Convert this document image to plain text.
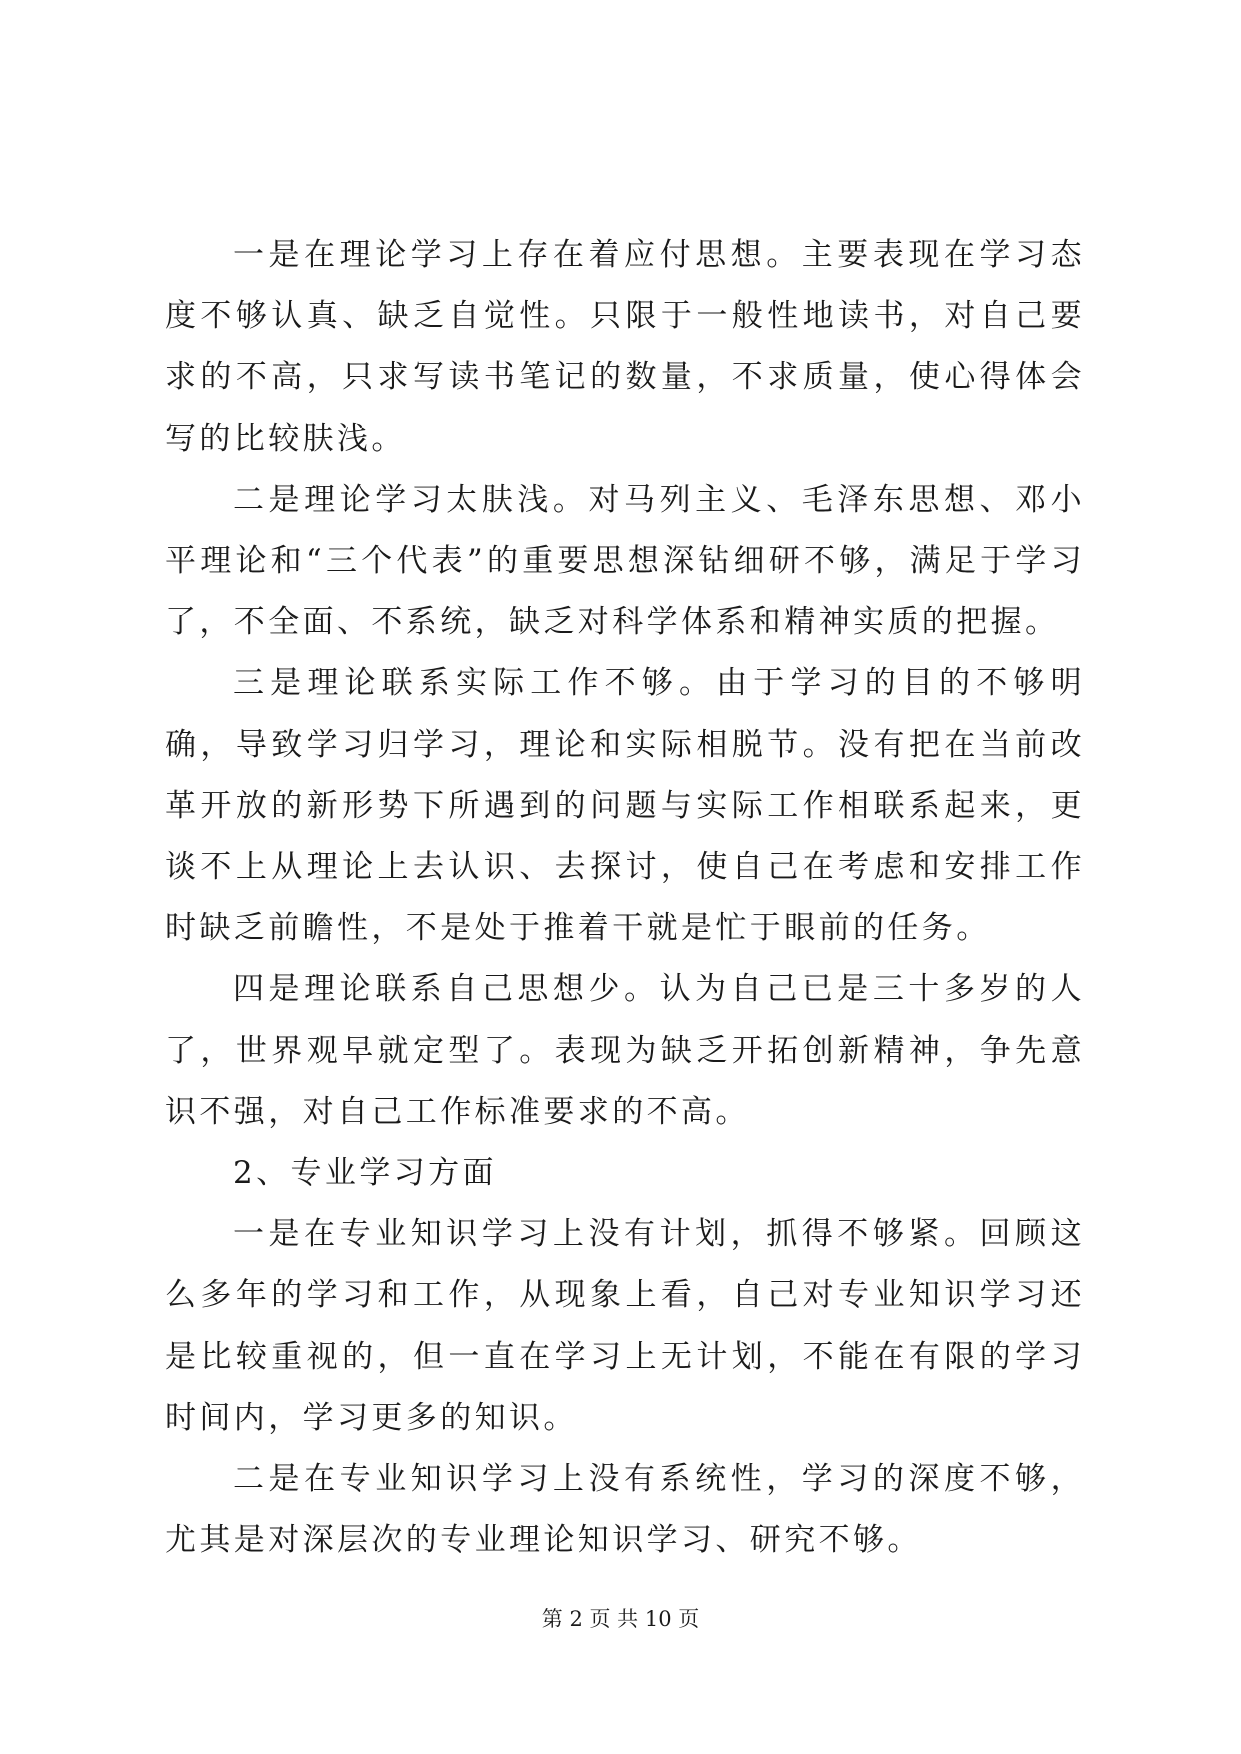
一是在理论学习上存在着应付思想。主要表现在学习态度不够认真、缺乏自觉性。只限于一般性地读书，对自己要求的不高，只求写读书笔记的数量，不求质量，使心得体会写的比较肤浅。

二是理论学习太肤浅。对马列主义、毛泽东思想、邓小平理论和“三个代表”的重要思想深钻细研不够，满足于学习了，不全面、不系统，缺乏对科学体系和精神实质的把握。

三是理论联系实际工作不够。由于学习的目的不够明确，导致学习归学习，理论和实际相脱节。没有把在当前改革开放的新形势下所遇到的问题与实际工作相联系起来，更谈不上从理论上去认识、去探讨，使自己在考虑和安排工作时缺乏前瞻性，不是处于推着干就是忙于眼前的任务。

四是理论联系自己思想少。认为自己已是三十多岁的人了，世界观早就定型了。表现为缺乏开拓创新精神，争先意识不强，对自己工作标准要求的不高。

2、专业学习方面

一是在专业知识学习上没有计划，抓得不够紧。回顾这么多年的学习和工作，从现象上看，自己对专业知识学习还是比较重视的，但一直在学习上无计划，不能在有限的学习时间内，学习更多的知识。

二是在专业知识学习上没有系统性，学习的深度不够，尤其是对深层次的专业理论知识学习、研究不够。

第 2 页 共 10 页
